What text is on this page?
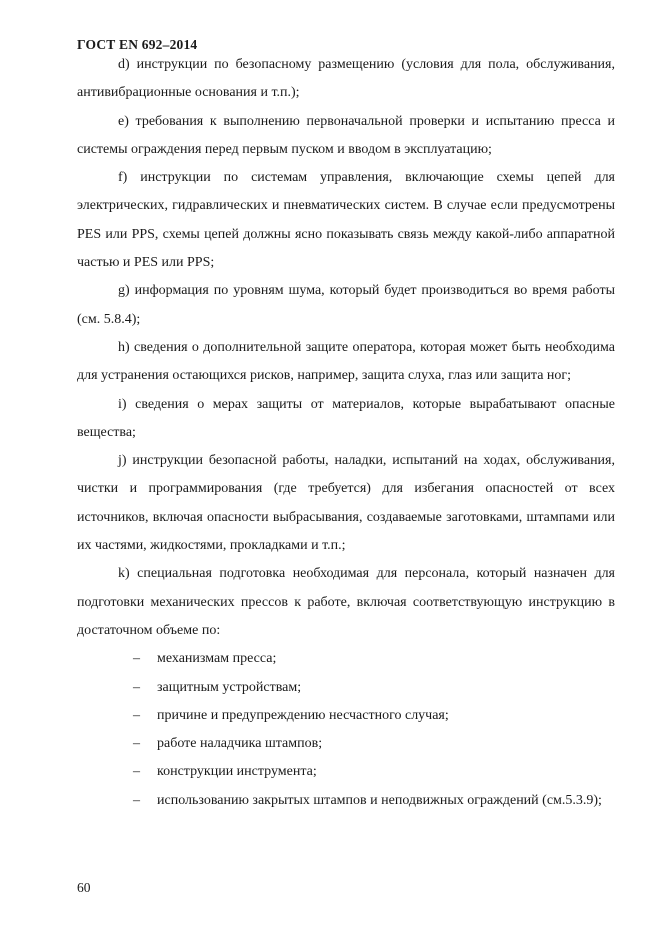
ГОСТ EN 692–2014

d) инструкции по безопасному размещению (условия для пола, обслуживания, антивибрационные основания и т.п.);

e) требования к выполнению первоначальной проверки и испытанию пресса и системы ограждения перед первым пуском и вводом в эксплуатацию;

f) инструкции по системам управления, включающие схемы цепей для электрических, гидравлических и пневматических систем. В случае если предусмотрены PES или PPS, схемы цепей должны ясно показывать связь между какой-либо аппаратной частью и PES или PPS;

g) информация по уровням шума, который будет производиться во время работы (см. 5.8.4);

h) сведения о дополнительной защите оператора, которая может быть необходима для устранения остающихся рисков, например, защита слуха, глаз или защита ног;

i) сведения о мерах защиты от материалов, которые вырабатывают опасные вещества;

j) инструкции безопасной работы, наладки, испытаний на ходах, обслуживания, чистки и программирования (где требуется) для избегания опасностей от всех источников, включая опасности выбрасывания, создаваемые заготовками, штампами или их частями, жидкостями, прокладками и т.п.;

k) специальная подготовка необходимая для персонала, который назначен для подготовки механических прессов к работе, включая соответствующую инструкцию в достаточном объеме по:

– механизмам пресса;
– защитным устройствам;
– причине и предупреждению несчастного случая;
– работе наладчика штампов;
– конструкции инструмента;
– использованию закрытых штампов и неподвижных ограждений (см.5.3.9);

60
